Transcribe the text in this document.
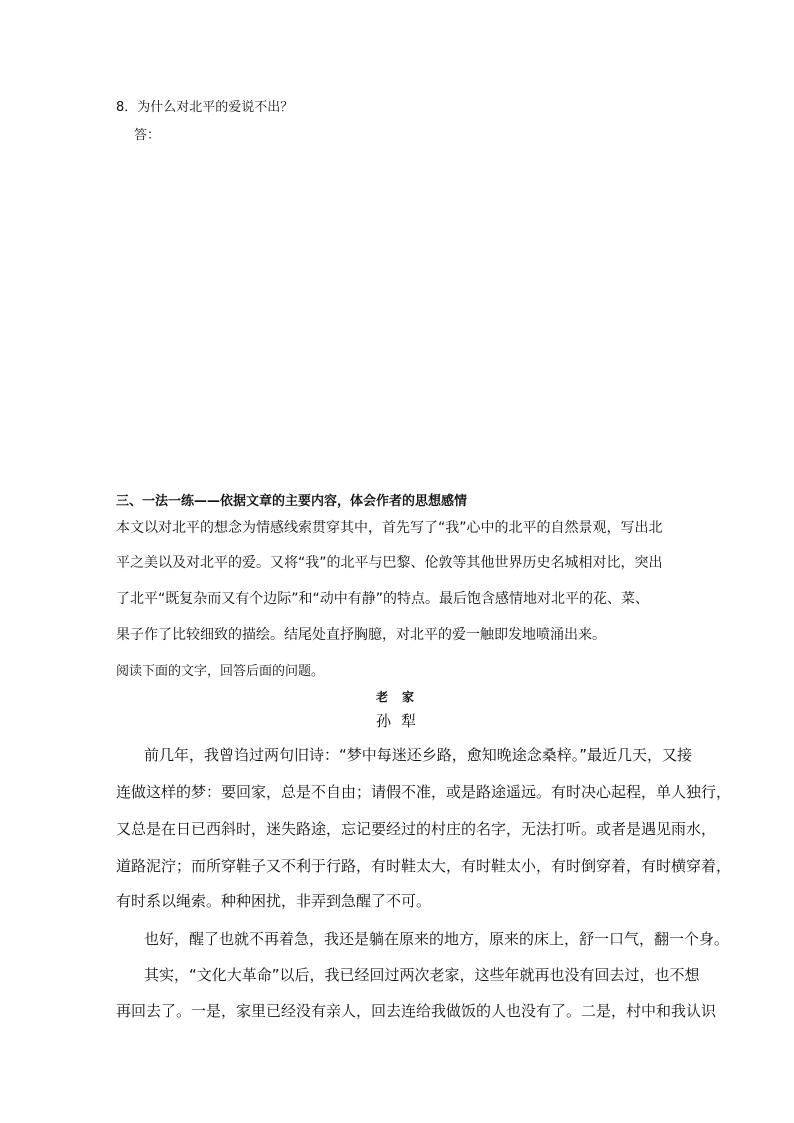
8．为什么对北平的爱说不出？
答：
三、一法一练——依据文章的主要内容，体会作者的思想感情
本文以对北平的想念为情感线索贯穿其中，首先写了“我”心中的北平的自然景观，写出北
平之美以及对北平的爱。又将“我”的北平与巴黎、伦敦等其他世界历史名城相对比，突出
了北平“既复杂而又有个边际”和“动中有静”的特点。最后饱含感情地对北平的花、菜、
果子作了比较细致的描绘。结尾处直抒胸臆，对北平的爱一触即发地喷涌出来。
阅读下面的文字，回答后面的问题。
老家
孙犁
前几年，我曾诌过两句旧诗：“梦中每迷还乡路，愈知晚途念桑梓。”最近几天，又接
连做这样的梦：要回家，总是不自由；请假不准，或是路途遥远。有时决心起程，单人独行，
又总是在日已西斜时，迷失路途，忘记要经过的村庄的名字，无法打听。或者是遇见雨水，
道路泥泞；而所穿鞋子又不利于行路，有时鞋太大，有时鞋太小，有时倒穿着，有时横穿着，
有时系以绳索。种种困扰，非弄到急醒了不可。
也好，醒了也就不再着急，我还是躺在原来的地方，原来的床上，舒一口气，翻一个身。
其实，“文化大革命”以后，我已经回过两次老家，这些年就再也没有回去过，也不想
再回去了。一是，家里已经没有亲人，回去连给我做饭的人也没有了。二是，村中和我认识
